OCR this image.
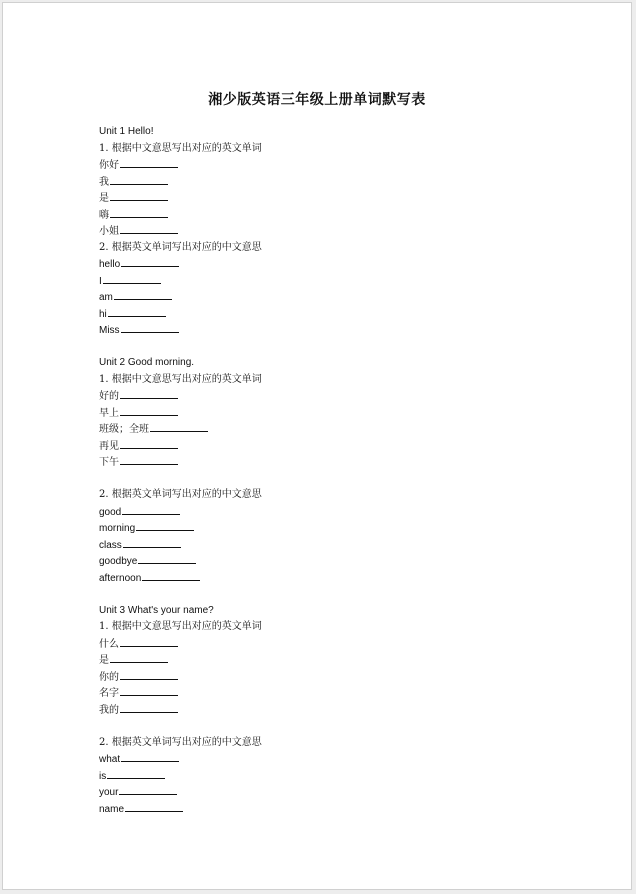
湘少版英语三年级上册单词默写表
Unit 1 Hello!
1. 根据中文意思写出对应的英文单词
你好
我
是
嗨
小姐
2. 根据英文单词写出对应的中文意思
hello
I
am
hi
Miss
Unit 2 Good morning.
1. 根据中文意思写出对应的英文单词
好的
早上
班级；全班
再见
下午
2. 根据英文单词写出对应的中文意思
good
morning
class
goodbye
afternoon
Unit 3 What's your name?
1. 根据中文意思写出对应的英文单词
什么
是
你的
名字
我的
2. 根据英文单词写出对应的中文意思
what
is
your
name
